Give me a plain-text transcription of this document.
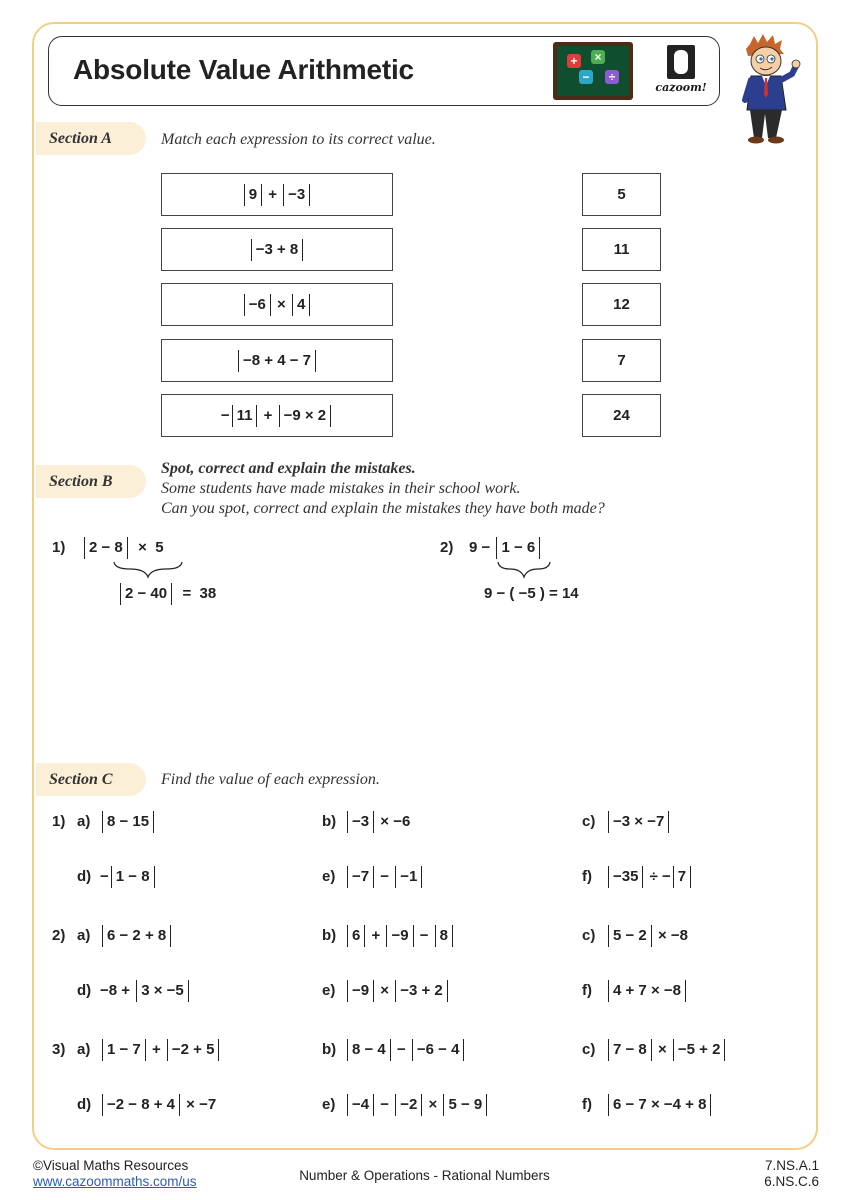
Absolute Value Arithmetic	+ ×
−	÷
cazoom!
Section A	Match each expression to its correct value.
9 + −3
−3 + 8
−6 × 4
−8 + 4 − 7
− 11 + −9 × 2
5
11
12
7
24
Section B
Spot, correct and explain the mistakes.
Some students have made mistakes in their school work.
Can you spot, correct and explain the mistakes they have both made?
1)	2 − 8  ×  5
2 − 40  =  38
2) 9 − 1 − 6
9 − ( −5 ) = 14
Section C	Find the value of each expression.
1) a)	8 − 15	b)	−3 × −6	c)	−3 × −7
d) − 1 − 8	e)	−7 − −1	f)	−35 ÷ − 7
2) a)	6 − 2 + 8	b)	6 + −9 − 8	c)	5 − 2 × −8
d) −8 + 3 × −5	e)	−9 × −3 + 2	f)	4 + 7 × −8
3) a)	1 − 7 + −2 + 5	b)	8 − 4 − −6 − 4	c)	7 − 8 × −5 + 2
d)	−2 − 8 + 4 × −7	e)	−4 − −2 × 5 − 9	f)	6 − 7 × −4 + 8
©Visual Maths Resources
www.cazoommaths.com/us	Number & Operations - Rational Numbers
7.NS.A.1
6.NS.C.6
